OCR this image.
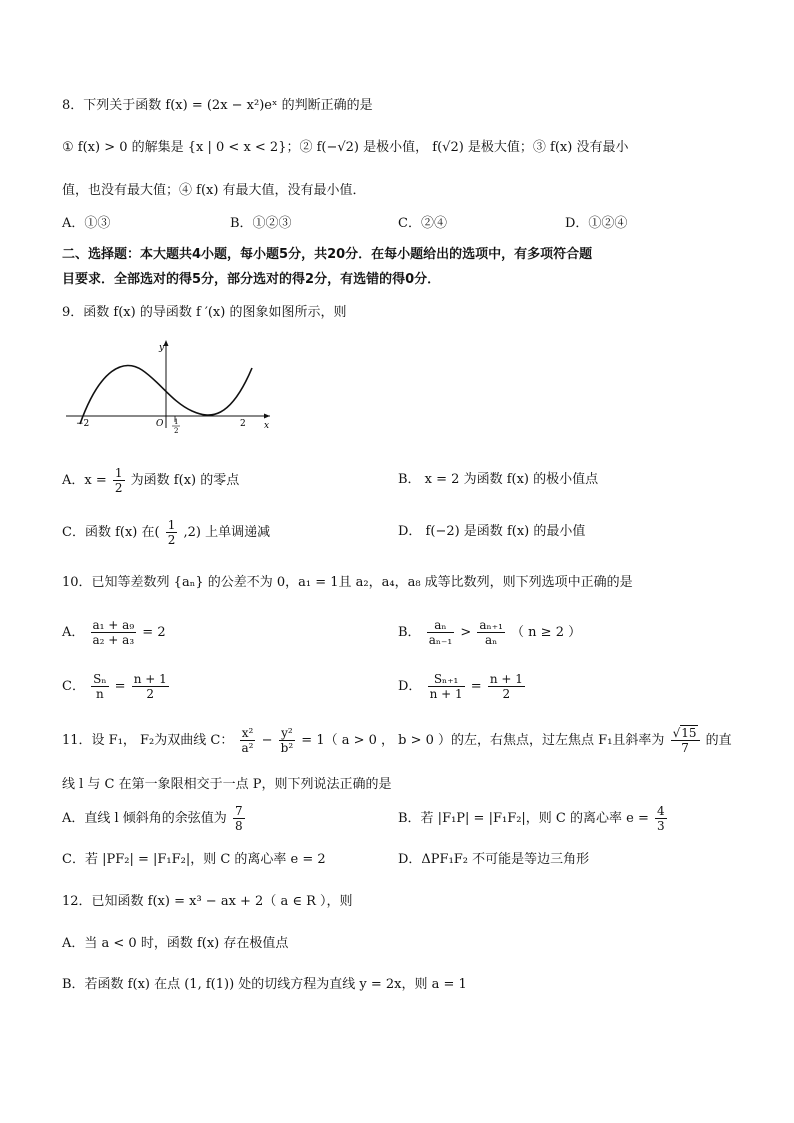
8．下列关于函数 f(x) = (2x − x²)eˣ 的判断正确的是
① f(x) > 0 的解集是 {x | 0 < x < 2}；② f(−√2) 是极小值， f(√2) 是极大值；③ f(x) 没有最小
值，也没有最大值；④ f(x) 有最大值，没有最小值．
A．①③	B．①②③	C．②④	D．①②④
二、选择题：本大题共4小题，每小题5分，共20分．在每小题给出的选项中，有多项符合题
目要求．全部选对的得5分，部分选对的得2分，有选错的得0分．
9．函数 f(x) 的导函数 f ′(x) 的图象如图所示，则
y
x
O
−2	2
1
2
A．$x = \frac{1}{2}$ 为函数 f(x) 的零点	B． x = 2 为函数 f(x) 的极小值点
C．函数 f(x) 在( $\frac{1}{2} ,2$) 上单调递减	D． f(−2) 是函数 f(x) 的最小值
10．已知等差数列 {aₙ} 的公差不为 0，a₁ = 1且 a₂，a₄，a₈ 成等比数列，则下列选项中正确的是
A． $\frac{\text{a₁ + a₉}}{\text{a₂ + a₃}} = 2$	B． $\frac{\text{aₙ}}{\text{aₙ₋₁}} > \frac{\text{aₙ₊₁}}{\text{aₙ}}$ （ n ≥ 2 ）
C． $\frac{\text{Sₙ}}{n} = \frac{n + 1}{2}$	D． $\frac{\text{Sₙ₊₁}}{n + 1} = \frac{n + 1}{2}$
11．设 F₁， F₂为双曲线 C： $\frac{\text{x²}}{\text{a²}} - \frac{\text{y²}}{\text{b²}} = 1$（ a > 0 ， b > 0 ）的左，右焦点，过左焦点 F₁且斜率为 $\frac{√15}{7}$ 的直
线 l 与 C 在第一象限相交于一点 P，则下列说法正确的是
A．直线 l 倾斜角的余弦值为 $\frac{7}{8}$	B．若 |F₁P| = |F₁F₂|，则 C 的离心率 $e = \frac{4}{3}$
C．若 |PF₂| = |F₁F₂|，则 C 的离心率 e = 2	D．ΔPF₁F₂ 不可能是等边三角形
12．已知函数 f(x) = x³ − ax + 2（ a ∈ R ），则
A．当 a < 0 时，函数 f(x) 存在极值点
B．若函数 f(x) 在点 (1, f(1)) 处的切线方程为直线 y = 2x，则 a = 1
